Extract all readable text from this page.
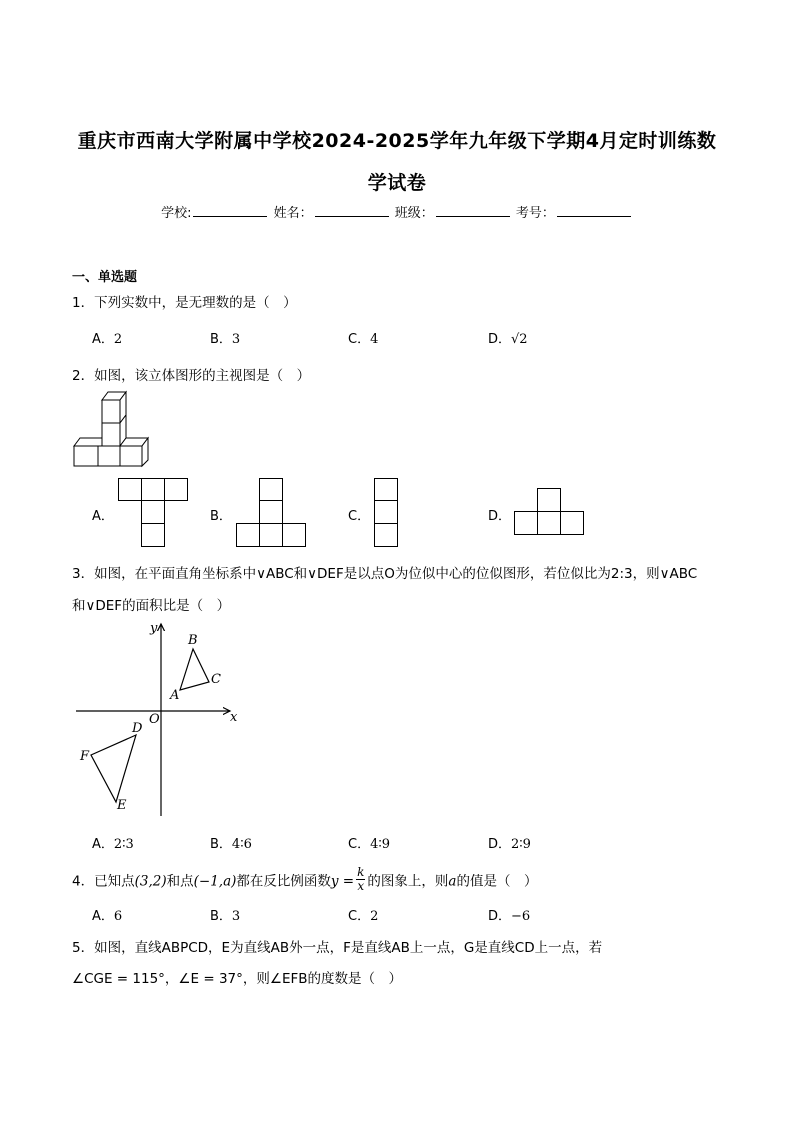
重庆市西南大学附属中学校2024-2025学年九年级下学期4月定时训练数
学试卷
学校:	姓名：	班级：	考号：
一、单选题
1．下列实数中，是无理数的是（　）
A．2	B．3	C．4	D．√2
2．如图，该立体图形的主视图是（　）
A．	B．	C．	D．
3．如图，在平面直角坐标系中∨ABC和∨DEF是以点O为位似中心的位似图形，若位似比为2:3，则∨ABC
和∨DEF的面积比是（　）
y
x
O
A
B
C
D
E
F
A．2∶3	B．4∶6	C．4∶9	D．2∶9
4．已知点(3,2)和点(−1,a)都在反比例函数$y = \frac{k}{x}$ 的图象上，则a的值是（　）
A．6	B．3	C．2	D．−6
5．如图，直线ABPCD，E为直线AB外一点，F是直线AB上一点，G是直线CD上一点，若
∠CGE = 115°，∠E = 37°，则∠EFB的度数是（　）
